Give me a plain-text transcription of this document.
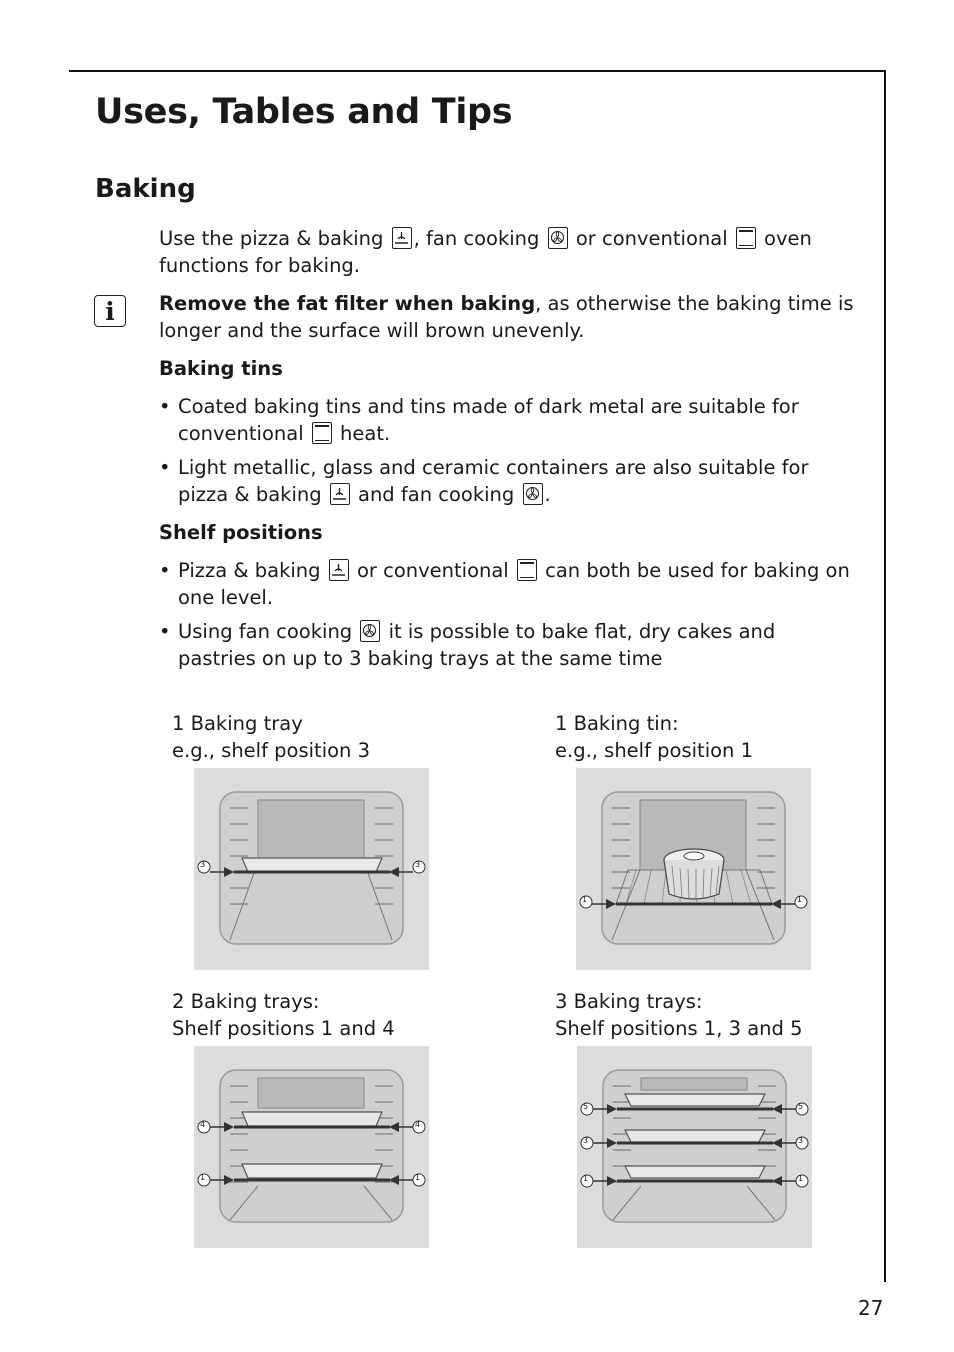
Uses, Tables and Tips
Baking

Use the pizza & baking , fan cooking or conventional oven functions for baking.

i	Remove the fat filter when baking, as otherwise the baking time is longer and the surface will brown unevenly.

Baking tins

• Coated baking tins and tins made of dark metal are suitable for conventional heat.

• Light metallic, glass and ceramic containers are also suitable for pizza & baking and fan cooking .

Shelf positions

• Pizza & baking or conventional can both be used for baking on one level.

• Using fan cooking it is possible to bake flat, dry cakes and pastries on up to 3 baking trays at the same time

1 Baking tray
e.g., shelf position 3

1 Baking tin:
e.g., shelf position 1

2 Baking trays:
Shelf positions 1 and 4

3 Baking trays:
Shelf positions 1, 3 and 5

3	3
1	1
4	4
1	1
5	5
3	3
1	1
27
